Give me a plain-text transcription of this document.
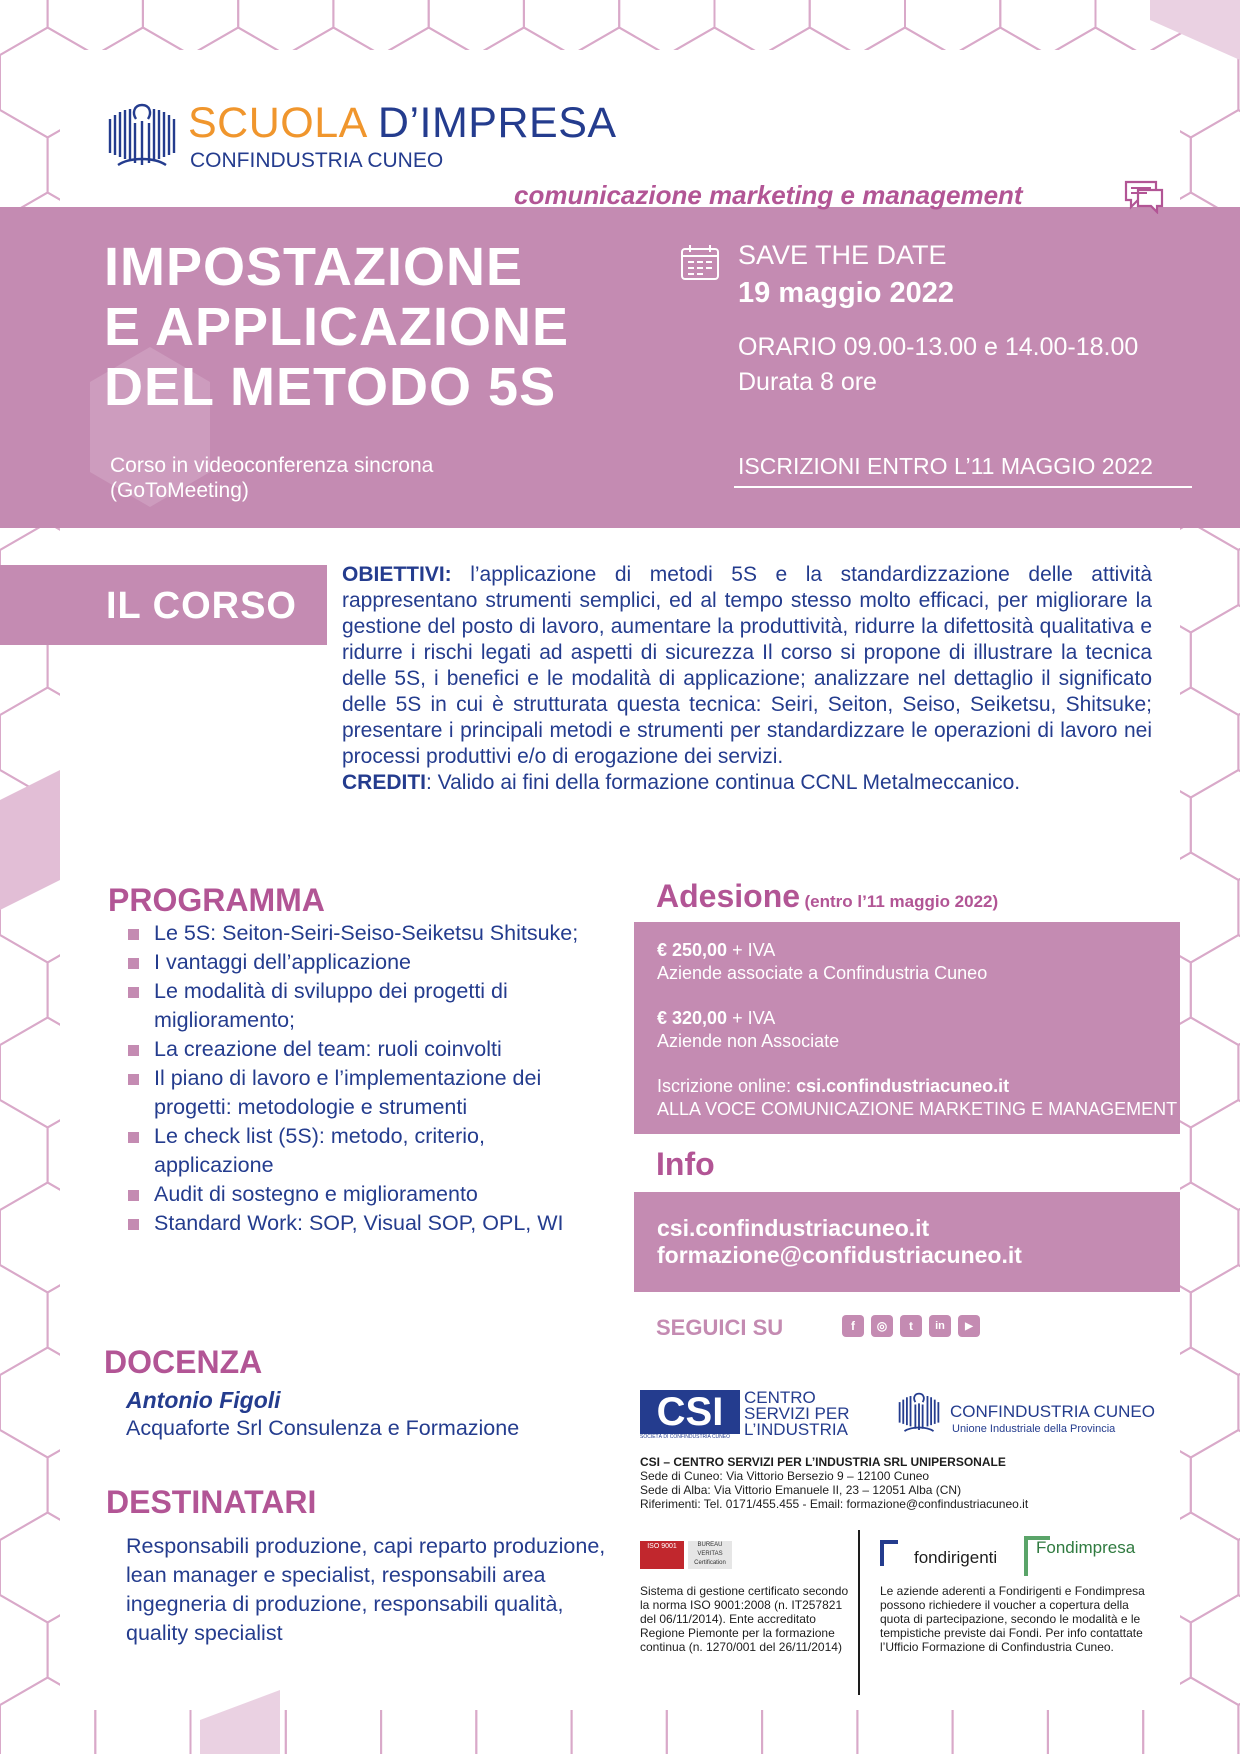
SCUOLA D’IMPRESA
CONFINDUSTRIA CUNEO
comunicazione marketing e management
IMPOSTAZIONE
E APPLICAZIONE
DEL METODO 5S
Corso in videoconferenza sincrona
(GoToMeeting)
SAVE THE DATE
19 maggio 2022
ORARIO 09.00-13.00 e 14.00-18.00
Durata 8 ore
ISCRIZIONI ENTRO L’11 MAGGIO 2022
IL CORSO
OBIETTIVI: l’applicazione di metodi 5S e la standardizzazione delle attività rappresentano strumenti semplici, ed al tempo stesso molto efficaci, per migliorare la gestione del posto di lavoro, aumentare la produttività, ridurre la difettosità qualitativa e ridurre i rischi legati ad aspetti di sicurezza Il corso si propone di illustrare la tecnica delle 5S, i benefici e le modalità di applicazione; analizzare nel dettaglio il significato delle 5S in cui è strutturata questa tecnica: Seiri, Seiton, Seiso, Seiketsu, Shitsuke; presentare i principali metodi e strumenti per standardizzare le operazioni di lavoro nei processi produttivi e/o di erogazione dei servizi.
CREDITI: Valido ai fini della formazione continua CCNL Metalmeccanico.
PROGRAMMA
Le 5S: Seiton-Seiri-Seiso-Seiketsu Shitsuke;
I vantaggi dell’applicazione
Le modalità di sviluppo dei progetti di miglioramento;
La creazione del team: ruoli coinvolti
Il piano di lavoro e l’implementazione dei progetti: metodologie e strumenti
Le check list (5S): metodo, criterio, applicazione
Audit di sostegno e miglioramento
Standard Work: SOP, Visual SOP, OPL, WI
DOCENZA
Antonio Figoli
Acquaforte Srl Consulenza e Formazione
DESTINATARI
Responsabili produzione, capi reparto produzione, lean manager e specialist, responsabili area ingegneria di produzione, responsabili qualità, quality specialist
Adesione (entro l’11 maggio 2022)
€ 250,00 + IVA
Aziende associate a Confindustria Cuneo
€ 320,00 + IVA
Aziende non Associate
Iscrizione online: csi.confindustriacuneo.it
ALLA VOCE COMUNICAZIONE MARKETING E MANAGEMENT
Info
csi.confindustriacuneo.it
formazione@confidustriacuneo.it
SEGUICI SU	f	◎	t	in	▶
CSI
SOCIETÀ DI CONFINDUSTRIA CUNEO
CENTRO
SERVIZI PER
L’INDUSTRIA
CONFINDUSTRIA CUNEO
Unione Industriale della Provincia
CSI – CENTRO SERVIZI PER L’INDUSTRIA SRL UNIPERSONALE
Sede di Cuneo: Via Vittorio Bersezio 9 – 12100 Cuneo
Sede di Alba: Via Vittorio Emanuele II, 23 – 12051 Alba (CN)
Riferimenti: Tel. 0171/455.455 - Email: formazione@confindustriacuneo.it
ISO 9001	BUREAU VERITAS Certification
Sistema di gestione certificato secondo la norma ISO 9001:2008 (n. IT257821 del 06/11/2014). Ente accreditato Regione Piemonte per la formazione continua (n. 1270/001 del 26/11/2014)
fondirigenti
Fondimpresa
Le aziende aderenti a Fondirigenti e Fondimpresa possono richiedere il voucher a copertura della quota di partecipazione, secondo le modalità e le tempistiche previste dai Fondi. Per info contattate l’Ufficio Formazione di Confindustria Cuneo.
